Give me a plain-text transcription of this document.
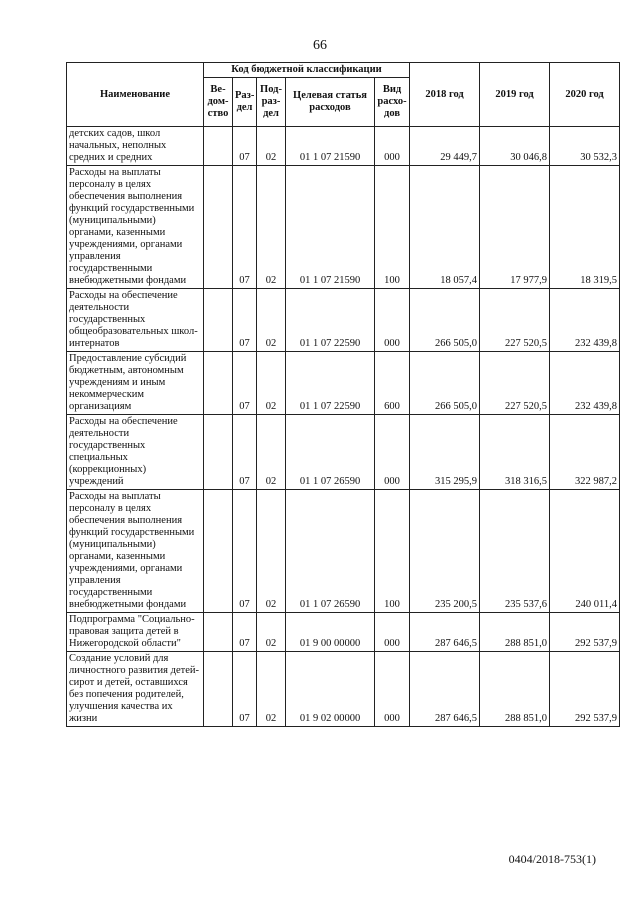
66
Наименование	Код бюджетной классификации					2018 год	2019 год	2020 год
	Ве-дом-ство	Раз-дел	Под-раз-дел	Целевая статья расходов	Вид расхо-дов			
детских садов, школ начальных, неполных средних и средних		07	02	01 1 07 21590	000	29 449,7	30 046,8	30 532,3
Расходы на выплаты персоналу в целях обеспечения выполнения функций государственными (муниципальными) органами, казенными учреждениями, органами управления государственными внебюджетными фондами		07	02	01 1 07 21590	100	18 057,4	17 977,9	18 319,5
Расходы на обеспечение деятельности государственных общеобразовательных школ-интернатов		07	02	01 1 07 22590	000	266 505,0	227 520,5	232 439,8
Предоставление субсидий бюджетным, автономным учреждениям и иным некоммерческим организациям		07	02	01 1 07 22590	600	266 505,0	227 520,5	232 439,8
Расходы на обеспечение деятельности государственных специальных (коррекционных) учреждений		07	02	01 1 07 26590	000	315 295,9	318 316,5	322 987,2
Расходы на выплаты персоналу в целях обеспечения выполнения функций государственными (муниципальными) органами, казенными учреждениями, органами управления государственными внебюджетными фондами		07	02	01 1 07 26590	100	235 200,5	235 537,6	240 011,4
Подпрограмма "Социально-правовая защита детей в Нижегородской области"		07	02	01 9 00 00000	000	287 646,5	288 851,0	292 537,9
Создание условий для личностного развития детей-сирот и детей, оставшихся без попечения родителей, улучшения качества их жизни		07	02	01 9 02 00000	000	287 646,5	288 851,0	292 537,9
0404/2018-753(1)
